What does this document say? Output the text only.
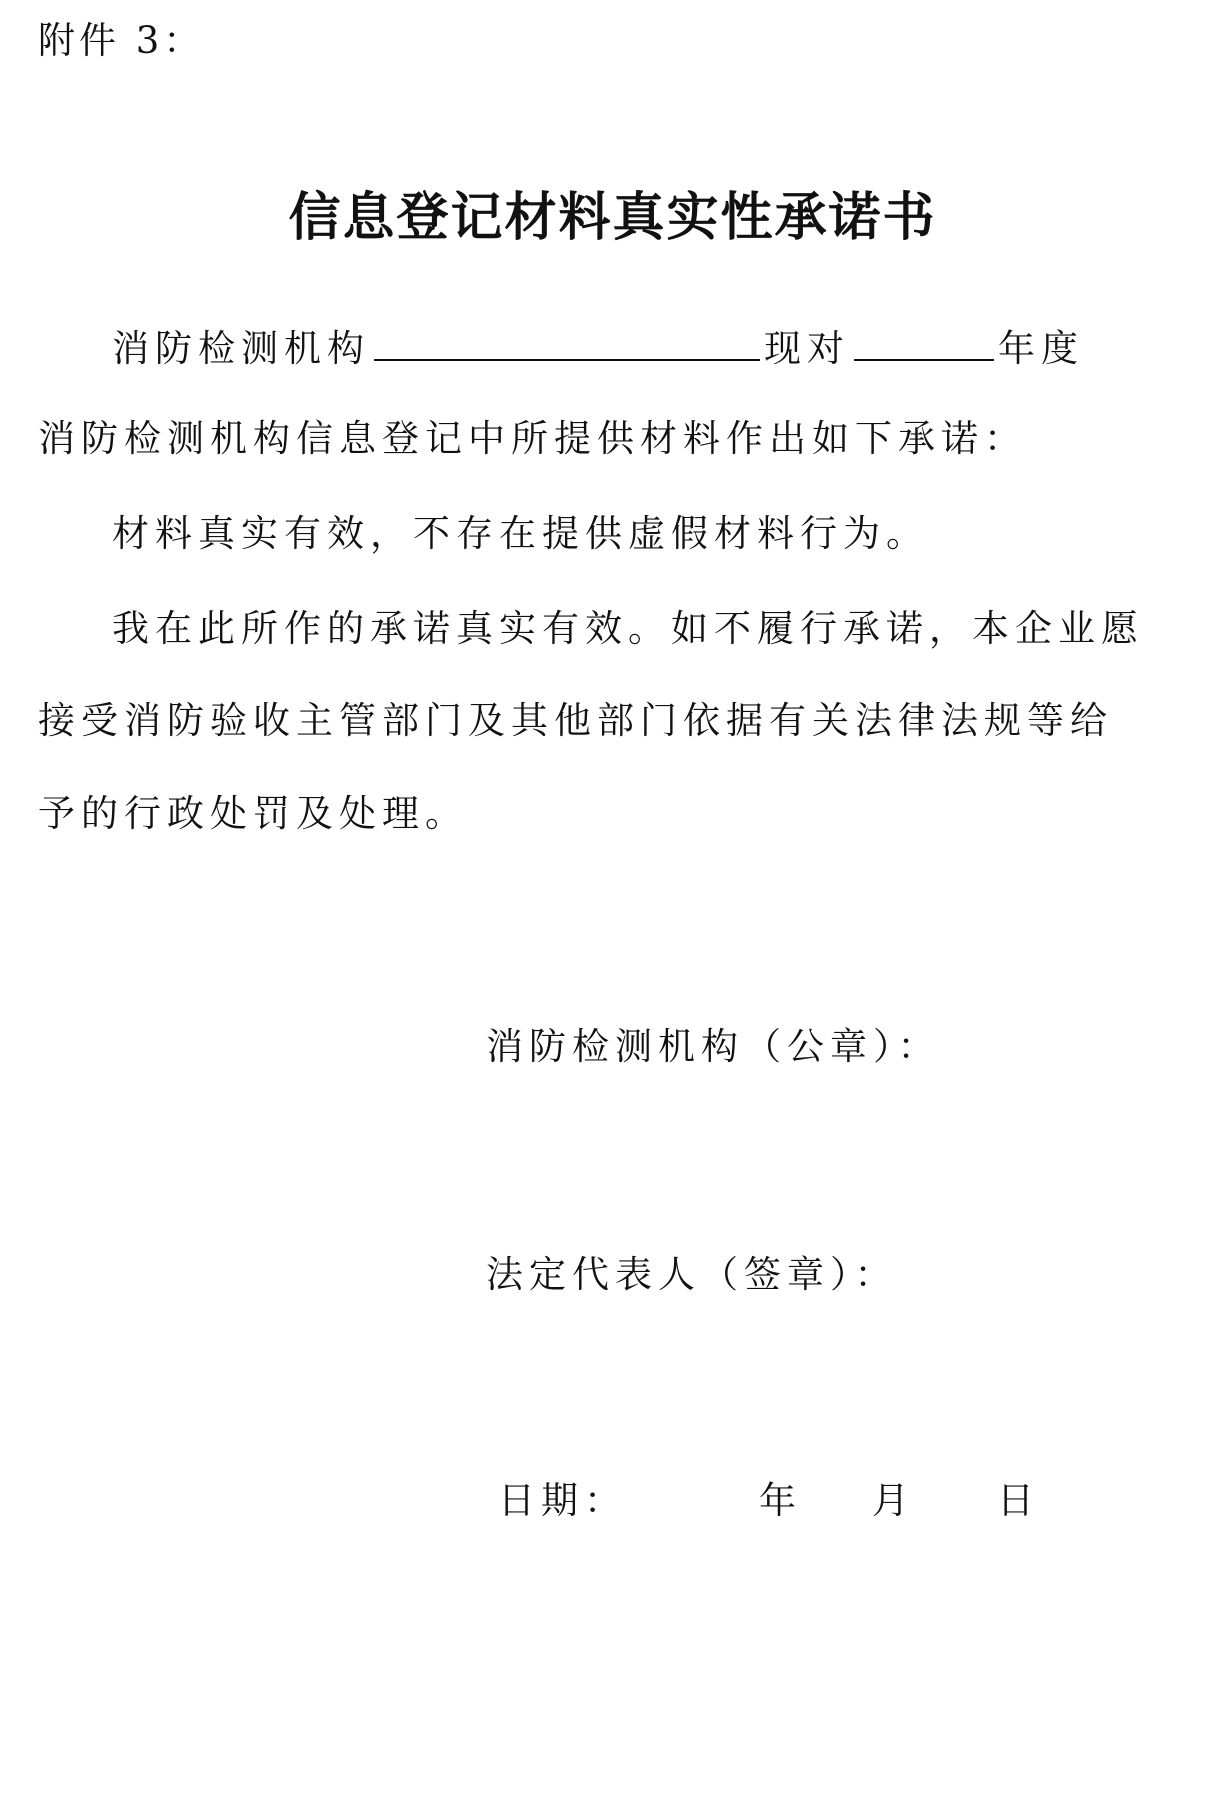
附件 3：
信息登记材料真实性承诺书
消防检测机构	现对	年度
消防检测机构信息登记中所提供材料作出如下承诺：
材料真实有效，不存在提供虚假材料行为。
我在此所作的承诺真实有效。如不履行承诺，本企业愿
接受消防验收主管部门及其他部门依据有关法律法规等给
予的行政处罚及处理。
消防检测机构（公章）：
法定代表人（签章）：
日期：	年 月 日
